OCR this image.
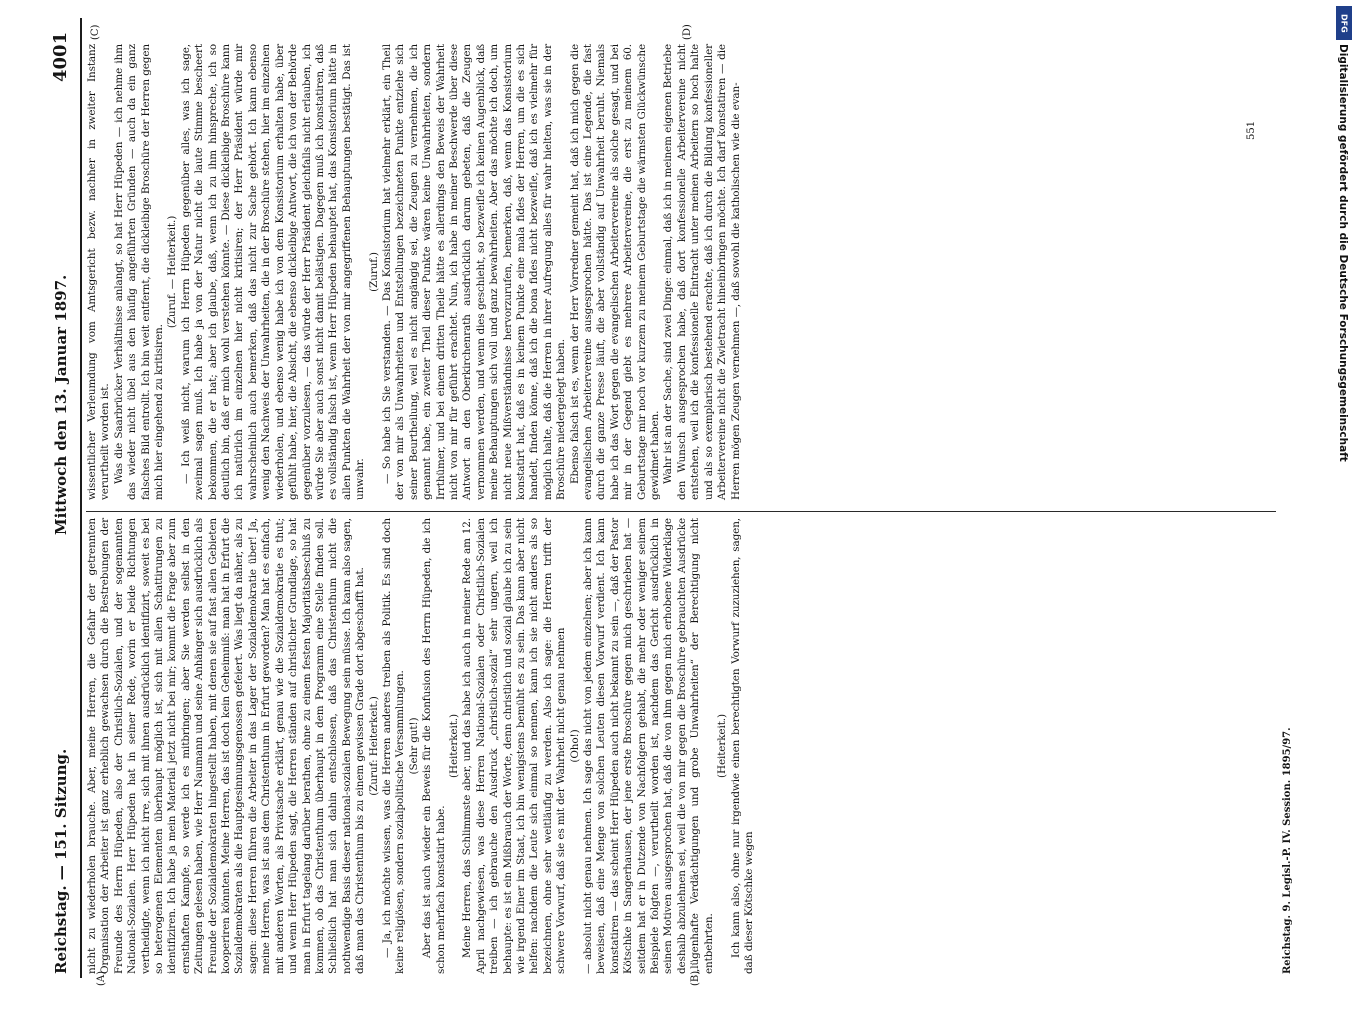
Reichstag. — 151. Sitzung.
Mittwoch den 13. Januar 1897.
4001
(A)	(B)
(C)	(D)

nicht zu wiederholen brauche. Aber, meine Herren, die Gefahr der getrennten Organisation der Arbeiter ist ganz erheblich gewachsen durch die Bestrebungen der Freunde des Herrn Hüpeden, also der Christlich-Sozialen, und der sogenannten National-Sozialen. Herr Hüpeden hat in seiner Rede, worin er beide Richtungen vertheidigte, wenn ich nicht irre, sich mit ihnen ausdrücklich identifizirt, soweit es bei so heterogenen Elementen überhaupt möglich ist, sich mit allen Schattirungen zu identifiziren. Ich habe ja mein Material jetzt nicht bei mir; kommt die Frage aber zum ernsthaften Kampfe, so werde ich es mitbringen; aber Sie werden selbst in den Zeitungen gelesen haben, wie Herr Naumann und seine Anhänger sich ausdrücklich als Freunde der Sozialdemokraten hingestellt haben, mit denen sie auf fast allen Gebieten kooperiren könnten. Meine Herren, das ist doch kein Geheimniß: man hat in Erfurt die Sozialdemokraten als die Hauptgesinnungsgenossen gefeiert. Was liegt da näher, als zu sagen: diese Herren führen die Arbeiter in das Lager der Sozialdemokratie über! Ja, meine Herren, was ist aus dem Christenthum in Erfurt geworden? Man hat es einfach, mit anderen Worten, als Privatsache erklärt, genau wie die Sozialdemokratie es thut; und wenn Herr Hüpeden sagt, die Herren ständen auf christlicher Grundlage, so hat man in Erfurt tagelang darüber berathen, ohne zu einem festen Majoritätsbeschluß zu kommen, ob das Christenthum überhaupt in dem Programm eine Stelle finden soll. Schließlich hat man sich dahin entschlossen, daß das Christenthum nicht die nothwendige Basis dieser national-sozialen Bewegung sein müsse. Ich kann also sagen, daß man das Christenthum bis zu einem gewissen Grade dort abgeschafft hat. (Zuruf: Heiterkeit.) — Ja, ich möchte wissen, was die Herren anderes treiben als Politik. Es sind doch keine religiösen, sondern sozialpolitische Versammlungen. (Sehr gut!) Aber das ist auch wieder ein Beweis für die Konfusion des Herrn Hüpeden, die ich schon mehrfach konstatirt habe.

(Heiterkeit.) Meine Herren, das Schlimmste aber, und das habe ich auch in meiner Rede am 12. April nachgewiesen, was diese Herren National-Sozialen oder Christlich-Sozialen treiben — ich gebrauche den Ausdruck „christlich-sozial“ sehr ungern, weil ich behaupte: es ist ein Mißbrauch der Worte, denn christlich und sozial glaube ich zu sein wie irgend Einer im Staat, ich bin wenigstens bemüht es zu sein. Das kann aber nicht helfen: nachdem die Leute sich einmal so nennen, kann ich sie nicht anders als so bezeichnen, ohne sehr weitläufig zu werden. Also ich sage: die Herren trifft der schwere Vorwurf, daß sie es mit der Wahrheit nicht genau nehmen (Oho!) — absolut nicht genau nehmen. Ich sage das nicht von jedem einzelnen; aber ich kann beweisen, daß eine Menge von solchen Leuten diesen Vorwurf verdient. Ich kann konstatiren — das scheint Herr Hüpeden auch nicht bekannt zu sein —, daß der Pastor Kötschke in Sangerhausen, der jene erste Broschüre gegen mich geschrieben hat — seitdem hat er in Dutzende von Nachfolgern gehabt, die mehr oder weniger seinem Beispiele folgten —, verurtheilt worden ist, nachdem das Gericht ausdrücklich in seinen Motiven ausgesprochen hat, daß die von ihm gegen mich erhobene Widerklage deshalb abzulehnen sei, weil die von mir gegen die Broschüre gebrauchten Ausdrücke „lügenhafte Verdächtigungen und grobe Unwahrheiten“ der Berechtigung nicht entbehrten.

(Heiterkeit.) Ich kann also, ohne nur irgendwie einen berechtigten Vorwurf zuzuziehen, sagen, daß dieser Kötschke wegen

wissentlicher Verleumdung vom Amtsgericht bezw. nachher in zweiter Instanz verurtheilt worden ist. Was die Saarbrücker Verhältnisse anlangt, so hat Herr Hüpeden — ich nehme ihm das wieder nicht übel aus den häufig angeführten Gründen — auch da ein ganz falsches Bild entrollt. Ich bin weit entfernt, die dickleibige Broschüre der Herren gegen mich hier eingehend zu kritisiren.

(Zuruf. — Heiterkeit.) — Ich weiß nicht, warum ich Herrn Hüpeden gegenüber alles, was ich sage, zweimal sagen muß. Ich habe ja von der Natur nicht die laute Stimme bescheert bekommen, die er hat; aber ich glaube, daß, wenn ich zu ihm hinspreche, ich so deutlich bin, daß er mich wohl verstehen könnte. — Diese dickleibige Broschüre kann ich natürlich im einzelnen hier nicht kritisiren; der Herr Präsident würde mir wahrscheinlich auch bemerken, daß das nicht zur Sache gehört. Ich kann ebenso wenig den Nachweis der Unwahrheiten, die in der Broschüre stehen, hier im einzelnen wiederholen, und ebenso wenig habe ich von dem Konsistorium erhalten habe, über gefühlt habe, hier, die Absicht, die ebenso dickleibige Antwort, die ich von der Behörde gegenüber vorzulesen, — das würde der Herr Präsident gleichfalls nicht erlauben, ich würde Sie aber auch sonst nicht damit belästigen. Dagegen muß ich konstatiren, daß es vollständig falsch ist, wenn Herr Hüpeden behauptet hat, das Konsistorium hätte in allen Punkten die Wahrheit der von mir angegriffenen Behauptungen bestätigt. Das ist unwahr.

(Zuruf.) — So habe ich Sie verstanden. — Das Konsistorium hat vielmehr erklärt, ein Theil der von mir als Unwahrheiten und Entstellungen bezeichneten Punkte entziehe sich seiner Beurtheilung, weil es nicht angängig sei, die Zeugen zu vernehmen, die ich genannt habe, ein zweiter Theil dieser Punkte wären keine Unwahrheiten, sondern Irrthümer, und bei einem dritten Theile hätte es allerdings den Beweis der Wahrheit nicht von mir für geführt erachtet. Nun, ich habe in meiner Beschwerde über diese Antwort an den Oberkirchenrath ausdrücklich darum gebeten, daß die Zeugen vernommen werden, und wenn dies geschieht, so bezweifle ich keinen Augenblick, daß meine Behauptungen sich voll und ganz bewahrheiten. Aber das möchte ich doch, um nicht neue Mißverständnisse hervorzurufen, bemerken, daß, wenn das Konsistorium konstatirt hat, daß es in keinem Punkte eine mala fides der Herren, um die es sich handelt, finden könne, daß ich die bona fides nicht bezweifle, daß ich es vielmehr für möglich halte, daß die Herren in ihrer Aufregung alles für wahr hielten, was sie in der Broschüre niedergelegt haben. Ebenso falsch ist es, wenn der Herr Vorredner gemeint hat, daß ich mich gegen die evangelischen Arbeitervereine ausgesprochen hätte. Das ist eine Legende, die fast durch die ganze Presse läuft, die aber vollständig auf Unwahrheit beruht. Niemals habe ich das Wort gegen die evangelischen Arbeitervereine als solche gesagt, und bei mir in der Gegend giebt es mehrere Arbeitervereine, die erst zu meinem 60. Geburtstage mir noch vor kurzem zu meinem Geburtstage die wärmsten Glückwünsche gewidmet haben. Wahr ist an der Sache, sind zwei Dinge: einmal, daß ich in meinem eigenen Betriebe den Wunsch ausgesprochen habe, daß dort konfessionelle Arbeitervereine nicht entstehen, weil ich die konfessionelle Eintracht unter meinen Arbeitern so hoch halte und als so exemplarisch bestehend erachte, daß ich durch die Bildung konfessioneller Arbeitervereine nicht die Zwietracht hineinbringen möchte. Ich darf konstatiren — die Herren mögen Zeugen vernehmen —, daß sowohl die katholischen wie die evan-

Reichstag. 9. Legisl.-P. IV. Session. 1895/97.
551
DFG
Digitalisierung gefördert durch die Deutsche Forschungsgemeinschaft
